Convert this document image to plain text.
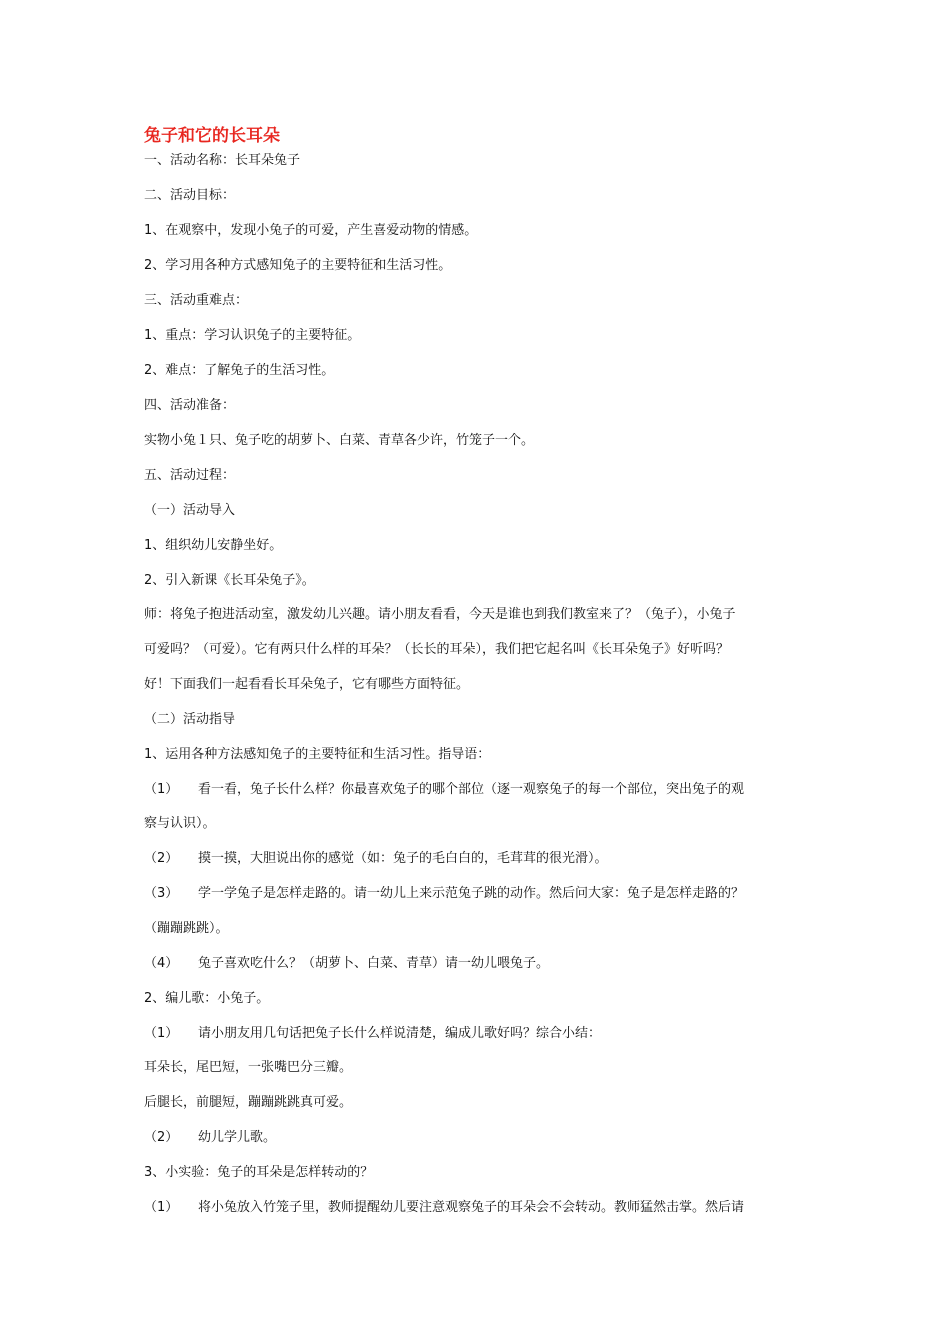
兔子和它的长耳朵
一、活动名称：长耳朵兔子
二、活动目标：
1、在观察中，发现小兔子的可爱，产生喜爱动物的情感。
2、学习用各种方式感知兔子的主要特征和生活习性。
三、活动重难点：
1、重点：学习认识兔子的主要特征。
2、难点：了解兔子的生活习性。
四、活动准备：
实物小兔１只、兔子吃的胡萝卜、白菜、青草各少许，竹笼子一个。
五、活动过程：
（一）活动导入
1、组织幼儿安静坐好。
2、引入新课《长耳朵兔子》。
师：将兔子抱进活动室，激发幼儿兴趣。请小朋友看看，今天是谁也到我们教室来了？（兔子），小兔子
可爱吗？（可爱）。它有两只什么样的耳朵？（长长的耳朵），我们把它起名叫《长耳朵兔子》好听吗？
好！下面我们一起看看长耳朵兔子，它有哪些方面特征。
（二）活动指导
1、运用各种方法感知兔子的主要特征和生活习性。指导语：
（1） 看一看，兔子长什么样？你最喜欢兔子的哪个部位（逐一观察兔子的每一个部位，突出兔子的观
察与认识）。
（2） 摸一摸，大胆说出你的感觉（如：兔子的毛白白的，毛茸茸的很光滑）。
（3） 学一学兔子是怎样走路的。请一幼儿上来示范兔子跳的动作。然后问大家：兔子是怎样走路的？
（蹦蹦跳跳）。
（4） 兔子喜欢吃什么？（胡萝卜、白菜、青草）请一幼儿喂兔子。
2、编儿歌：小兔子。
（1） 请小朋友用几句话把兔子长什么样说清楚，编成儿歌好吗？综合小结：
耳朵长，尾巴短，一张嘴巴分三瓣。
后腿长，前腿短，蹦蹦跳跳真可爱。
（2） 幼儿学儿歌。
3、小实验：兔子的耳朵是怎样转动的？
（1） 将小兔放入竹笼子里，教师提醒幼儿要注意观察兔子的耳朵会不会转动。教师猛然击掌。然后请
